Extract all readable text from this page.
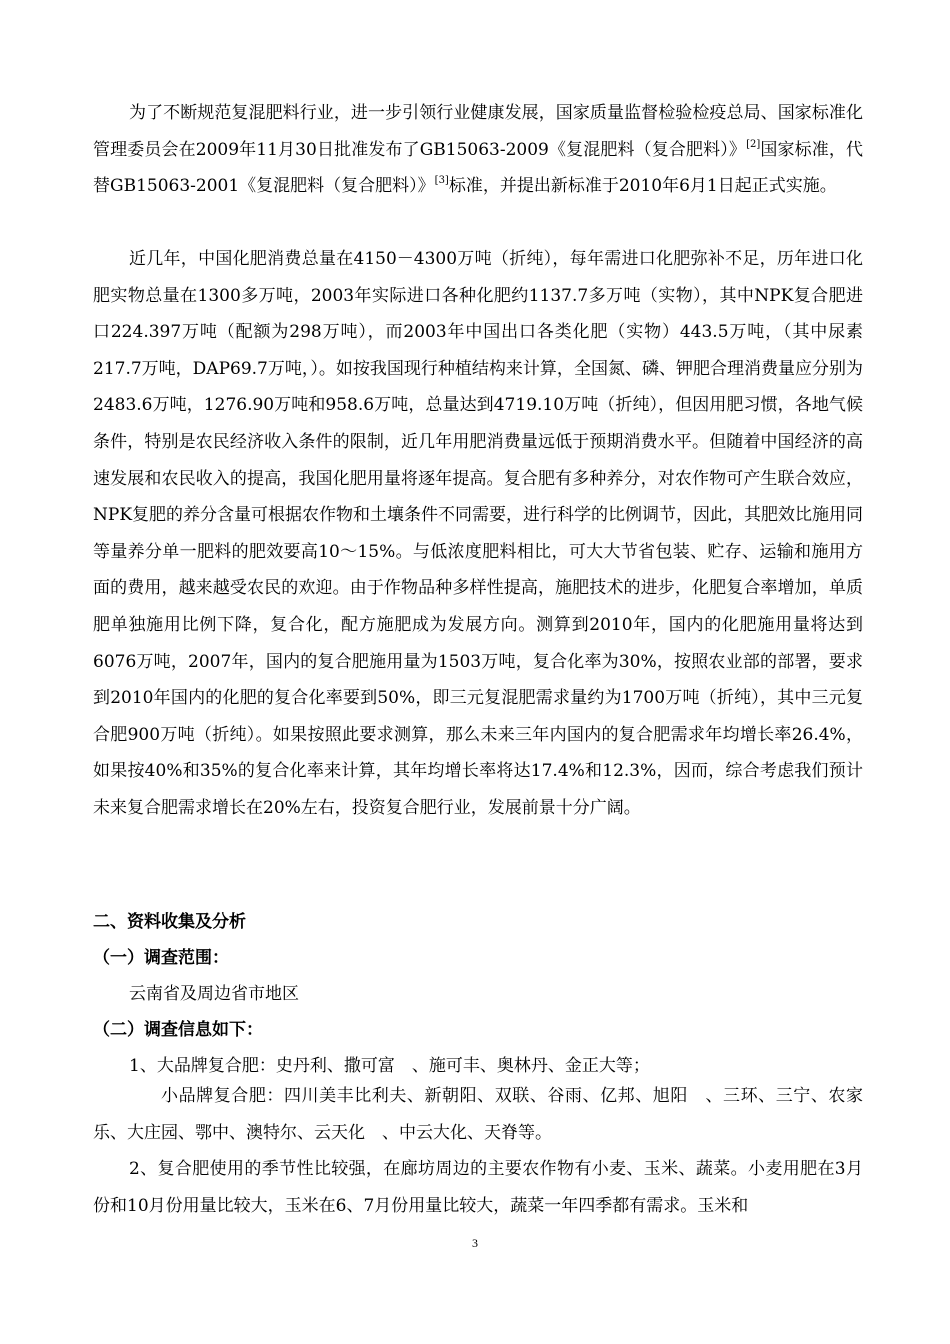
为了不断规范复混肥料行业，进一步引领行业健康发展，国家质量监督检验检疫总局、国家标准化管理委员会在2009年11月30日批准发布了GB15063-2009《复混肥料（复合肥料）》[2]国家标准，代替GB15063-2001《复混肥料（复合肥料）》[3]标准，并提出新标准于2010年6月1日起正式实施。

近几年，中国化肥消费总量在4150－4300万吨（折纯），每年需进口化肥弥补不足，历年进口化肥实物总量在1300多万吨，2003年实际进口各种化肥约1137.7多万吨（实物），其中NPK复合肥进口224.397万吨（配额为298万吨），而2003年中国出口各类化肥（实物）443.5万吨，（其中尿素217.7万吨，DAP69.7万吨，）。如按我国现行种植结构来计算，全国氮、磷、钾肥合理消费量应分别为2483.6万吨，1276.90万吨和958.6万吨，总量达到4719.10万吨（折纯），但因用肥习惯，各地气候条件，特别是农民经济收入条件的限制，近几年用肥消费量远低于预期消费水平。但随着中国经济的高速发展和农民收入的提高，我国化肥用量将逐年提高。复合肥有多种养分，对农作物可产生联合效应，NPK复肥的养分含量可根据农作物和土壤条件不同需要，进行科学的比例调节，因此，其肥效比施用同等量养分单一肥料的肥效要高10～15%。与低浓度肥料相比，可大大节省包装、贮存、运输和施用方面的费用，越来越受农民的欢迎。由于作物品种多样性提高，施肥技术的进步，化肥复合率增加，单质肥单独施用比例下降，复合化，配方施肥成为发展方向。测算到2010年，国内的化肥施用量将达到6076万吨，2007年，国内的复合肥施用量为1503万吨，复合化率为30%，按照农业部的部署，要求到2010年国内的化肥的复合化率要到50%，即三元复混肥需求量约为1700万吨（折纯），其中三元复合肥900万吨（折纯）。如果按照此要求测算，那么未来三年内国内的复合肥需求年均增长率26.4%，如果按40%和35%的复合化率来计算，其年均增长率将达17.4%和12.3%，因而，综合考虑我们预计未来复合肥需求增长在20%左右，投资复合肥行业，发展前景十分广阔。

二、资料收集及分析

（一）调查范围：

云南省及周边省市地区

（二）调查信息如下：

1、大品牌复合肥：史丹利、撒可富　、施可丰、奥林丹、金正大等；

小品牌复合肥：四川美丰比利夫、新朝阳、双联、谷雨、亿邦、旭阳　、三环、三宁、农家乐、大庄园、鄂中、澳特尔、云天化　、中云大化、天脊等。

2、复合肥使用的季节性比较强，在廊坊周边的主要农作物有小麦、玉米、蔬菜。小麦用肥在3月份和10月份用量比较大，玉米在6、7月份用量比较大，蔬菜一年四季都有需求。玉米和

3
